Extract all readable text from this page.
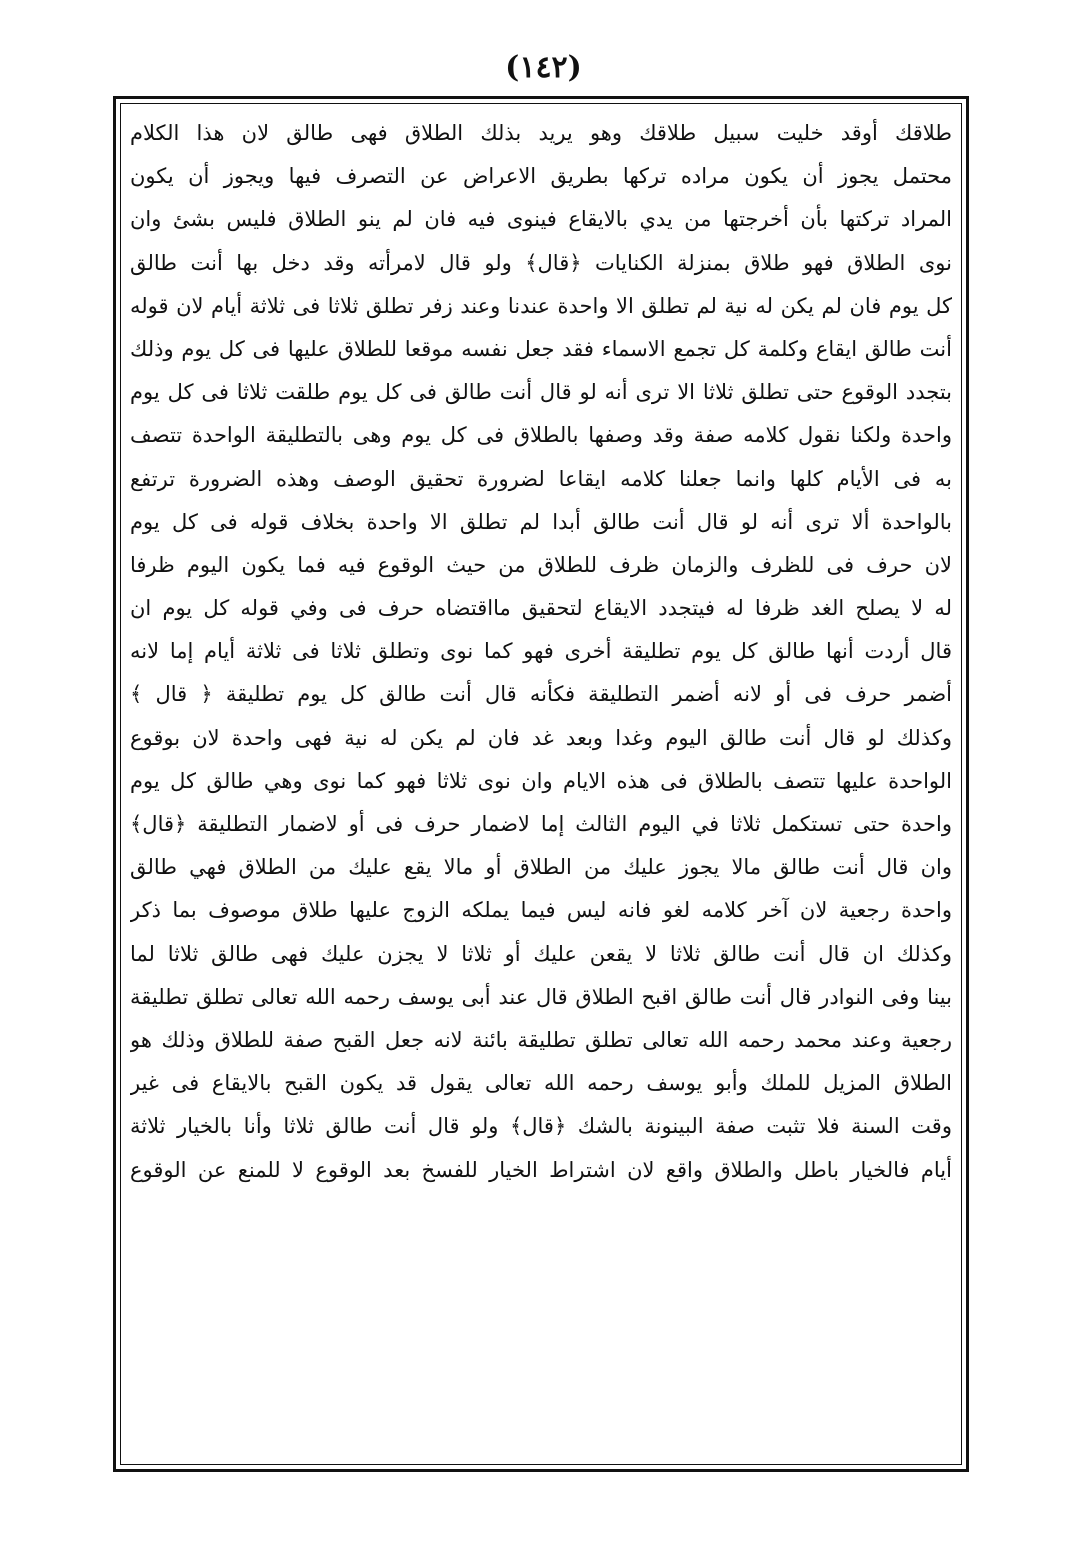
(١٤٢)
طلاقك أوقد خليت سبيل طلاقك وهو يريد بذلك الطلاق فهى طالق لان هذا الكلام
محتمل يجوز أن يكون مراده تركها بطريق الاعراض عن التصرف فيها ويجوز أن يكون
المراد تركتها بأن أخرجتها من يدي بالايقاع فينوى فيه فان لم ينو الطلاق فليس بشئ وان
نوى الطلاق فهو طلاق بمنزلة الكنايات ﴿قال﴾ ولو قال لامرأته وقد دخل بها أنت طالق
كل يوم فان لم يكن له نية لم تطلق الا واحدة عندنا وعند زفر تطلق ثلاثا فى ثلاثة أيام لان قوله
أنت طالق ايقاع وكلمة كل تجمع الاسماء فقد جعل نفسه موقعا للطلاق عليها فى كل يوم وذلك
بتجدد الوقوع حتى تطلق ثلاثا الا ترى أنه لو قال أنت طالق فى كل يوم طلقت ثلاثا فى كل يوم
واحدة ولكنا نقول كلامه صفة وقد وصفها بالطلاق فى كل يوم وهى بالتطليقة الواحدة تتصف
به فى الأيام كلها وانما جعلنا كلامه ايقاعا لضرورة تحقيق الوصف وهذه الضرورة ترتفع
بالواحدة ألا ترى أنه لو قال أنت طالق أبدا لم تطلق الا واحدة بخلاف قوله فى كل يوم
لان حرف فى للظرف والزمان ظرف للطلاق من حيث الوقوع فيه فما يكون اليوم ظرفا
له لا يصلح الغد ظرفا له فيتجدد الايقاع لتحقيق مااقتضاه حرف فى وفي قوله كل يوم ان
قال أردت أنها طالق كل يوم تطليقة أخرى فهو كما نوى وتطلق ثلاثا فى ثلاثة أيام إما لانه
أضمر حرف فى أو لانه أضمر التطليقة فكأنه قال أنت طالق كل يوم تطليقة ﴿ قال ﴾
وكذلك لو قال أنت طالق اليوم وغدا وبعد غد فان لم يكن له نية فهى واحدة لان بوقوع
الواحدة عليها تتصف بالطلاق فى هذه الايام وان نوى ثلاثا فهو كما نوى وهي طالق كل يوم
واحدة حتى تستكمل ثلاثا في اليوم الثالث إما لاضمار حرف فى أو لاضمار التطليقة ﴿قال﴾
وان قال أنت طالق مالا يجوز عليك من الطلاق أو مالا يقع عليك من الطلاق فهي طالق
واحدة رجعية لان آخر كلامه لغو فانه ليس فيما يملكه الزوج عليها طلاق موصوف بما ذكر
وكذلك ان قال أنت طالق ثلاثا لا يقعن عليك أو ثلاثا لا يجزن عليك فهى طالق ثلاثا لما
بينا وفى النوادر قال أنت طالق اقبح الطلاق قال عند أبى يوسف رحمه الله تعالى تطلق تطليقة
رجعية وعند محمد رحمه الله تعالى تطلق تطليقة بائنة لانه جعل القبح صفة للطلاق وذلك هو
الطلاق المزيل للملك وأبو يوسف رحمه الله تعالى يقول قد يكون القبح بالايقاع فى غير
وقت السنة فلا تثبت صفة البينونة بالشك ﴿قال﴾ ولو قال أنت طالق ثلاثا وأنا بالخيار ثلاثة
أيام فالخيار باطل والطلاق واقع لان اشتراط الخيار للفسخ بعد الوقوع لا للمنع عن الوقوع
